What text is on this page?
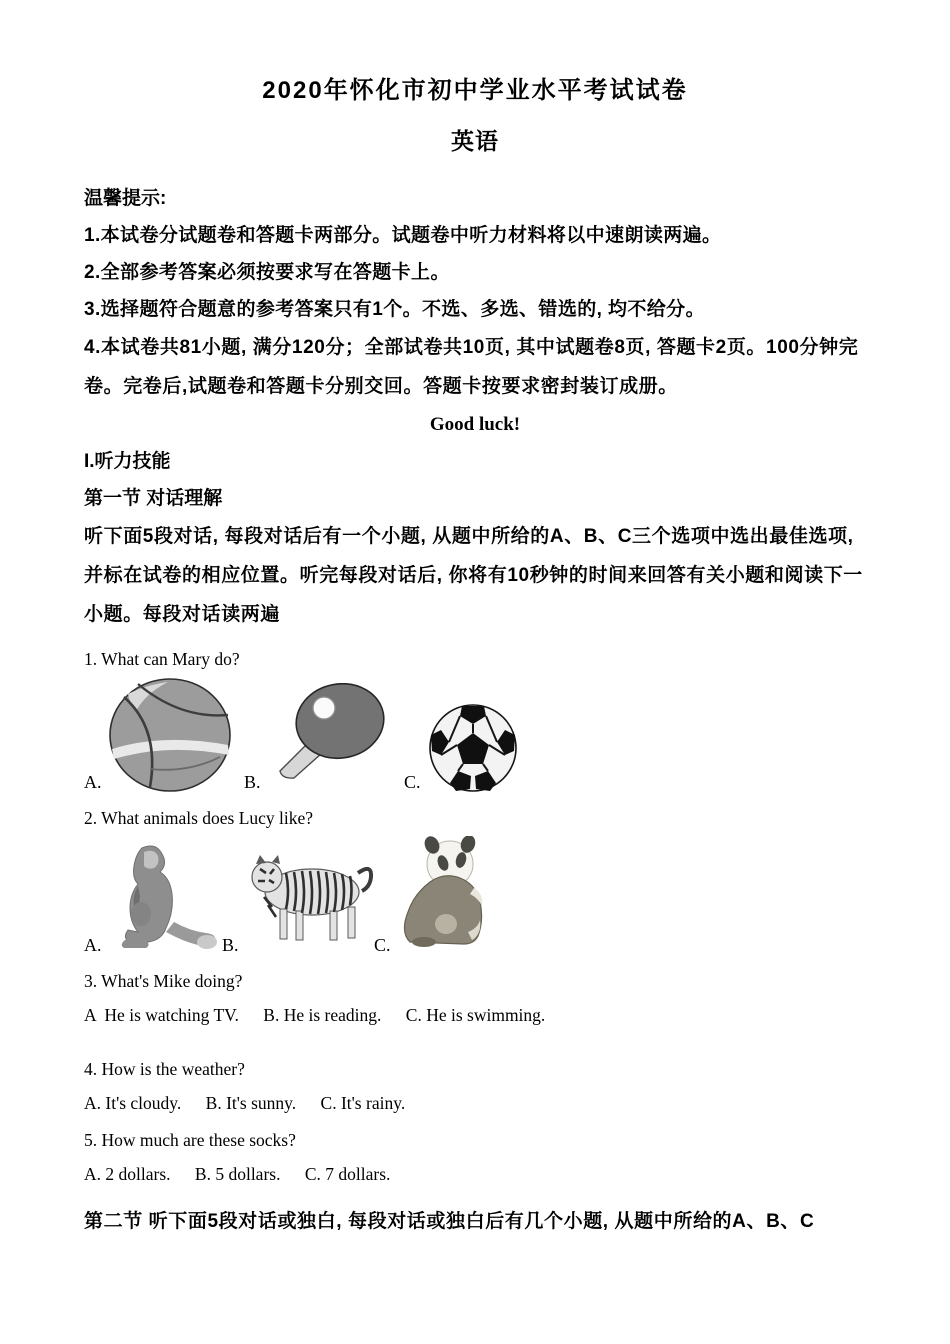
2020年怀化市初中学业水平考试试卷
英语

温馨提示:

1.本试卷分试题卷和答题卡两部分。试题卷中听力材料将以中速朗读两遍。

2.全部参考答案必须按要求写在答题卡上。

3.选择题符合题意的参考答案只有1个。不选、多选、错选的, 均不给分。

4.本试卷共81小题, 满分120分；全部试卷共10页, 其中试题卷8页, 答题卡2页。100分钟完卷。完卷后,试题卷和答题卡分别交回。答题卡按要求密封装订成册。

Good luck!

I.听力技能

第一节 对话理解

听下面5段对话, 每段对话后有一个小题, 从题中所给的A、B、C三个选项中选出最佳选项, 并标在试卷的相应位置。听完每段对话后, 你将有10秒钟的时间来回答有关小题和阅读下一小题。每段对话读两遍

1. What can Mary do?

A.	B.	C.

2. What animals does Lucy like?

A.	B.	C.

3. What's Mike doing?

A  He is watching TV. B. He is reading. C. He is swimming.

4. How is the weather?

A. It's cloudy. B. It's sunny. C. It's rainy.

5. How much are these socks?

A. 2 dollars. B. 5 dollars. C. 7 dollars.

第二节 听下面5段对话或独白, 每段对话或独白后有几个小题, 从题中所给的A、B、C
